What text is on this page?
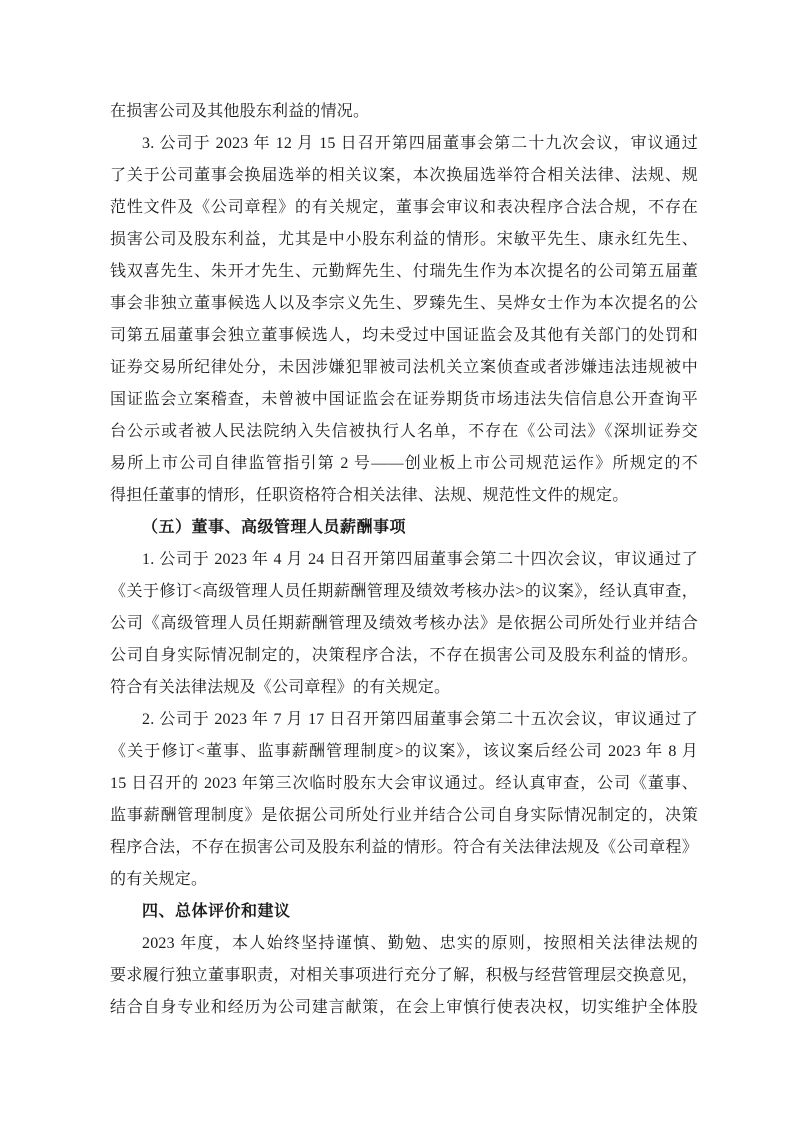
在损害公司及其他股东利益的情况。
3. 公司于 2023 年 12 月 15 日召开第四届董事会第二十九次会议，审议通过
了关于公司董事会换届选举的相关议案，本次换届选举符合相关法律、法规、规
范性文件及《公司章程》的有关规定，董事会审议和表决程序合法合规，不存在
损害公司及股东利益，尤其是中小股东利益的情形。宋敏平先生、康永红先生、
钱双喜先生、朱开才先生、元勤辉先生、付瑞先生作为本次提名的公司第五届董
事会非独立董事候选人以及李宗义先生、罗臻先生、吴烨女士作为本次提名的公
司第五届董事会独立董事候选人，均未受过中国证监会及其他有关部门的处罚和
证券交易所纪律处分，未因涉嫌犯罪被司法机关立案侦查或者涉嫌违法违规被中
国证监会立案稽查，未曾被中国证监会在证券期货市场违法失信信息公开查询平
台公示或者被人民法院纳入失信被执行人名单，不存在《公司法》《深圳证券交
易所上市公司自律监管指引第 2 号——创业板上市公司规范运作》所规定的不
得担任董事的情形，任职资格符合相关法律、法规、规范性文件的规定。
（五）董事、高级管理人员薪酬事项
1. 公司于 2023 年 4 月 24 日召开第四届董事会第二十四次会议，审议通过了
《关于修订<高级管理人员任期薪酬管理及绩效考核办法>的议案》，经认真审查，
公司《高级管理人员任期薪酬管理及绩效考核办法》是依据公司所处行业并结合
公司自身实际情况制定的，决策程序合法，不存在损害公司及股东利益的情形。
符合有关法律法规及《公司章程》的有关规定。
2. 公司于 2023 年 7 月 17 日召开第四届董事会第二十五次会议，审议通过了
《关于修订<董事、监事薪酬管理制度>的议案》，该议案后经公司 2023 年 8 月
15 日召开的 2023 年第三次临时股东大会审议通过。经认真审查，公司《董事、
监事薪酬管理制度》是依据公司所处行业并结合公司自身实际情况制定的，决策
程序合法，不存在损害公司及股东利益的情形。符合有关法律法规及《公司章程》
的有关规定。
四、总体评价和建议
2023 年度，本人始终坚持谨慎、勤勉、忠实的原则，按照相关法律法规的
要求履行独立董事职责，对相关事项进行充分了解，积极与经营管理层交换意见，
结合自身专业和经历为公司建言献策，在会上审慎行使表决权，切实维护全体股
